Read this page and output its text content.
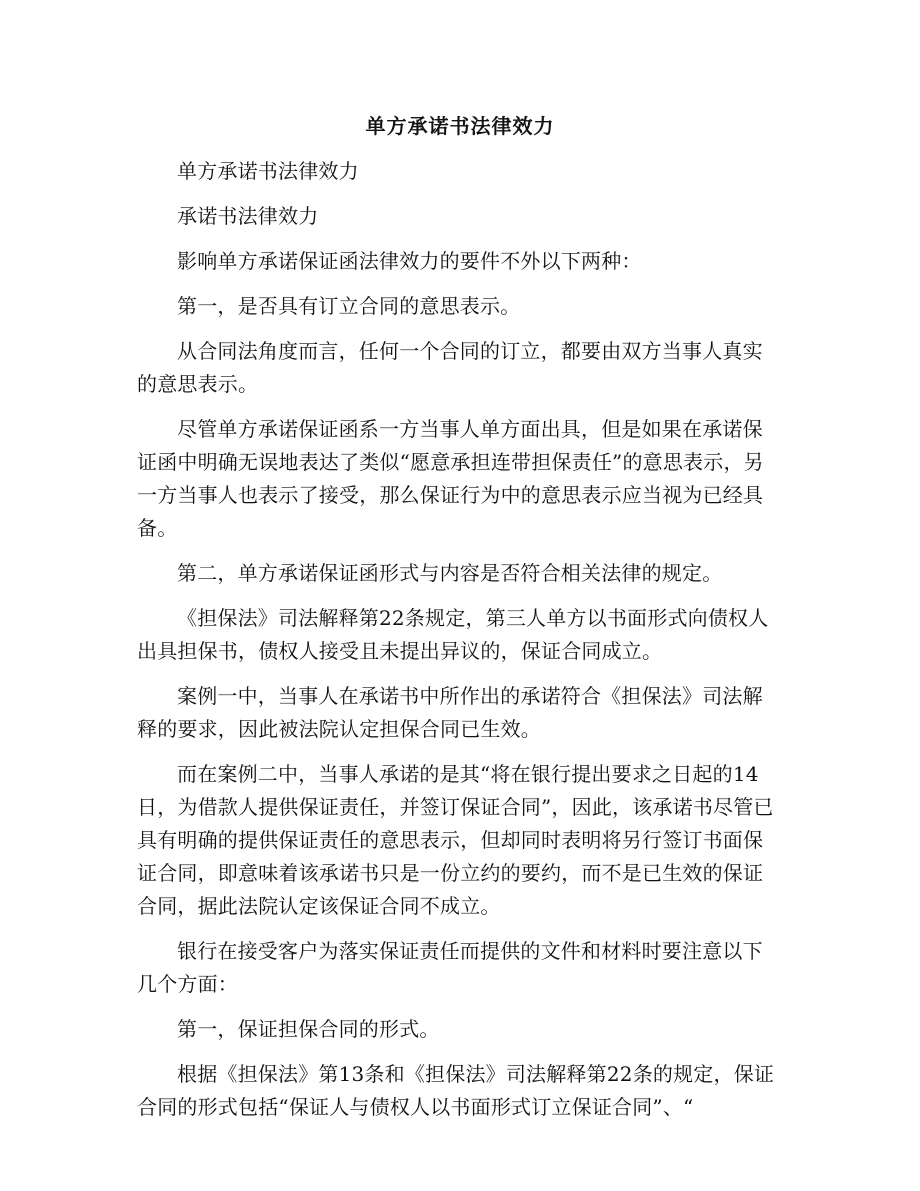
单方承诺书法律效力

单方承诺书法律效力

承诺书法律效力

影响单方承诺保证函法律效力的要件不外以下两种：

第一，是否具有订立合同的意思表示。

从合同法角度而言，任何一个合同的订立，都要由双方当事人真实的意思表示。

尽管单方承诺保证函系一方当事人单方面出具，但是如果在承诺保证函中明确无误地表达了类似“愿意承担连带担保责任”的意思表示，另一方当事人也表示了接受，那么保证行为中的意思表示应当视为已经具备。

第二，单方承诺保证函形式与内容是否符合相关法律的规定。

《担保法》司法解释第22条规定，第三人单方以书面形式向债权人出具担保书，债权人接受且未提出异议的，保证合同成立。

案例一中，当事人在承诺书中所作出的承诺符合《担保法》司法解释的要求，因此被法院认定担保合同已生效。

而在案例二中，当事人承诺的是其“将在银行提出要求之日起的14日，为借款人提供保证责任，并签订保证合同”，因此，该承诺书尽管已具有明确的提供保证责任的意思表示，但却同时表明将另行签订书面保证合同，即意味着该承诺书只是一份立约的要约，而不是已生效的保证合同，据此法院认定该保证合同不成立。

银行在接受客户为落实保证责任而提供的文件和材料时要注意以下几个方面：

第一，保证担保合同的形式。

根据《担保法》第13条和《担保法》司法解释第22条的规定，保证合同的形式包括“保证人与债权人以书面形式订立保证合同”、“
